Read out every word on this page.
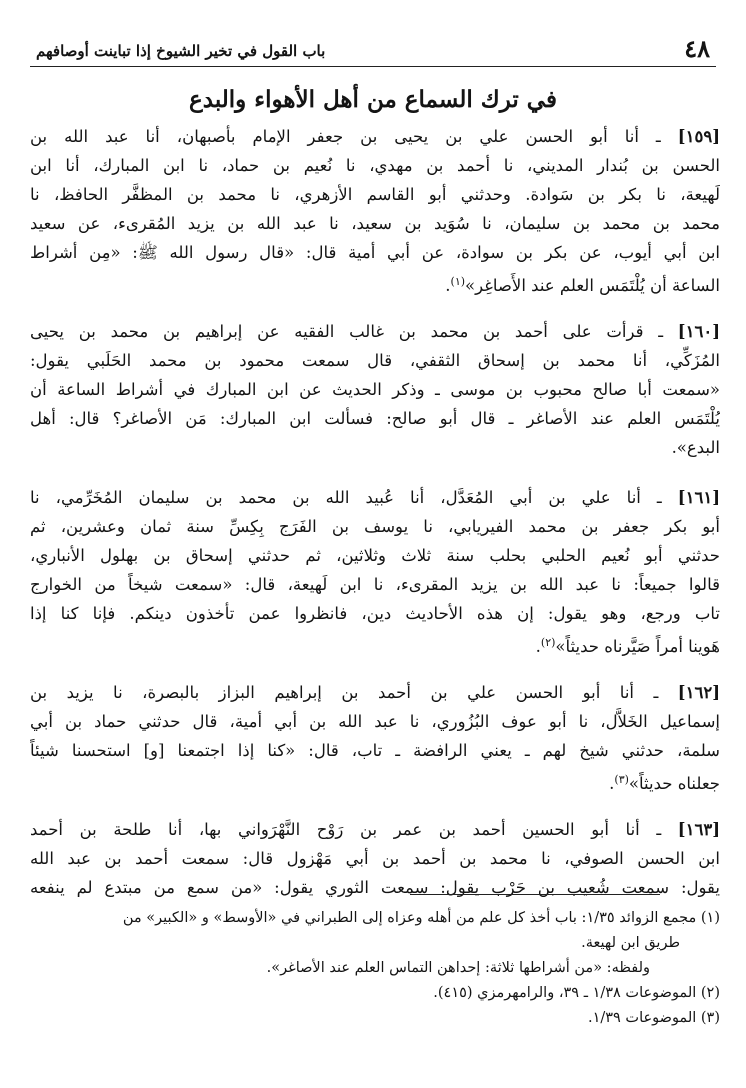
٤٨
باب القول في تخير الشيوخ إذا تباينت أوصافهم
في ترك السماع من أهل الأهواء والبدع
[١٥٩] ـ أنا أبو الحسن علي بن يحيى بن جعفر الإمام بأصبهان، أنا عبد الله بن
الحسن بن بُندار المديني، نا أحمد بن مهدي، نا نُعيم بن حماد، نا ابن المبارك، أنا ابن
لَهيعة، نا بكر بن سَوادة. وحدثني أبو القاسم الأزهري، نا محمد بن المظفَّر الحافظ، نا
محمد بن محمد بن سليمان، نا سُوَيد بن سعيد، نا عبد الله بن يزيد المُقرىء، عن سعيد
ابن أبي أيوب، عن بكر بن سوادة، عن أبي أمية قال: «قال رسول الله ﷺ: «مِن أشراط
الساعة أن يُلْتَمَس العلم عند الأَصاغِر»$^{(١)}$.
[١٦٠] ـ قرأت على أحمد بن محمد بن غالب الفقيه عن إبراهيم بن محمد بن يحيى
المُزَكِّي، أنا محمد بن إسحاق الثقفي، قال سمعت محمود بن محمد الحَلَبي يقول:
«سمعت أبا صالح محبوب بن موسى ـ وذكر الحديث عن ابن المبارك في أشراط الساعة أن
يُلْتَمَس العلم عند الأصاغر ـ قال أبو صالح: فسألت ابن المبارك: مَن الأصاغر؟ قال: أهل
البدع».
[١٦١] ـ أنا علي بن أبي المُعَدَّل، أنا عُبيد الله بن محمد بن سليمان المُخَرِّمي، نا
أبو بكر جعفر بن محمد الفيريابي، نا يوسف بن الفَرَج بِكِسِّ سنة ثمان وعشرين، ثم
حدثني أبو نُعيم الحلبي بحلب سنة ثلاث وثلاثين، ثم حدثني إسحاق بن بهلول الأنباري،
قالوا جميعاً: نا عبد الله بن يزيد المقرىء، نا ابن لَهيعة، قال: «سمعت شيخاً من الخوارج
تاب ورجع، وهو يقول: إن هذه الأحاديث دين، فانظروا عمن تأخذون دينكم. فإنا كنا إذا
هَوينا أمراً صَيَّرناه حديثاً»$^{(٢)}$.
[١٦٢] ـ أنا أبو الحسن علي بن أحمد بن إبراهيم البزاز بالبصرة، نا يزيد بن
إسماعيل الخَلاَّل، نا أبو عوف البُزُوري، نا عبد الله بن أبي أمية، قال حدثني حماد بن أبي
سلمة، حدثني شيخ لهم ـ يعني الرافضة ـ تاب، قال: «كنا إذا اجتمعنا [و] استحسنا شيئاً
جعلناه حديثاً»$^{(٣)}$.
[١٦٣] ـ أنا أبو الحسين أحمد بن عمر بن رَوْح النَّهْرَواني بها، أنا طلحة بن أحمد
ابن الحسن الصوفي، نا محمد بن أحمد بن أبي مَهْزول قال: سمعت أحمد بن عبد الله
يقول: سمعت شُعيب بن حَرْب يقول: سمعت الثوري يقول: «من سمع من مبتدع لم ينفعه
(١) مجمع الزوائد ١/٣٥: باب أخذ كل علم من أهله وعزاه إلى الطبراني في «الأوسط» و «الكبير» من
طريق ابن لهيعة.
ولفظه: «من أشراطها ثلاثة: إحداهن التماس العلم عند الأصاغر».
(٢) الموضوعات ١/٣٨ ـ ٣٩، والرامهرمزي (٤١٥).
(٣) الموضوعات ١/٣٩.
